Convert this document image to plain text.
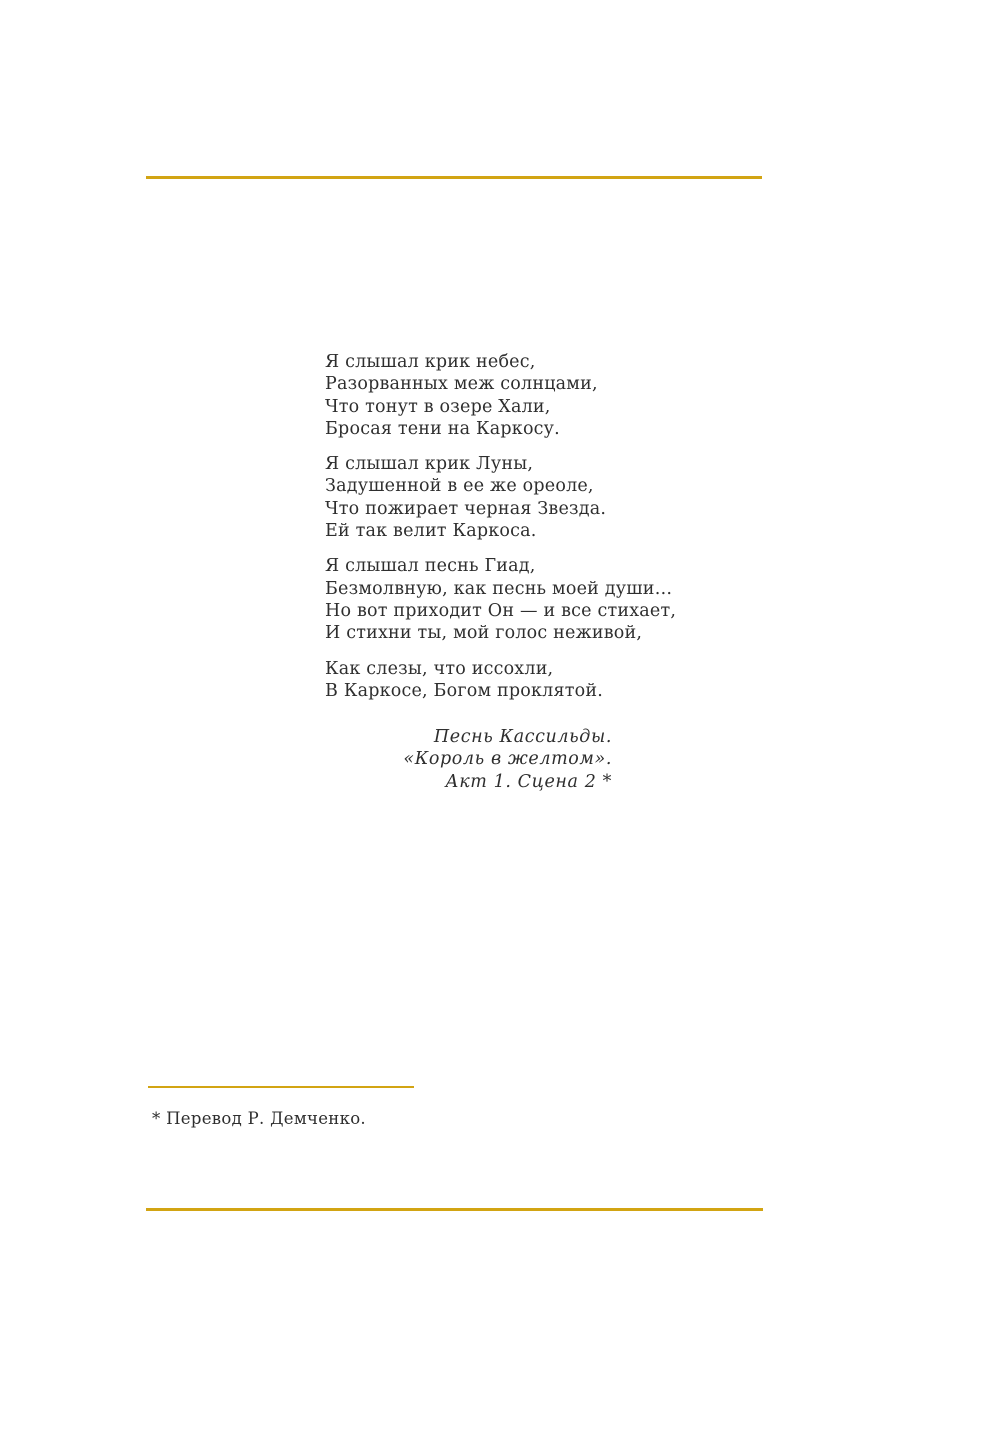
Я слышал крик небес,
Разорванных меж солнцами,
Что тонут в озере Хали,
Бросая тени на Каркосу.
Я слышал крик Луны,
Задушенной в ее же ореоле,
Что пожирает черная Звезда.
Ей так велит Каркоса.
Я слышал песнь Гиад,
Безмолвную, как песнь моей души…
Но вот приходит Он — и все стихает,
И стихни ты, мой голос неживой,
Как слезы, что иссохли,
В Каркосе, Богом проклятой.
Песнь Кассильды.
«Король в желтом».
Акт 1. Сцена 2 *
* Перевод Р. Демченко.
